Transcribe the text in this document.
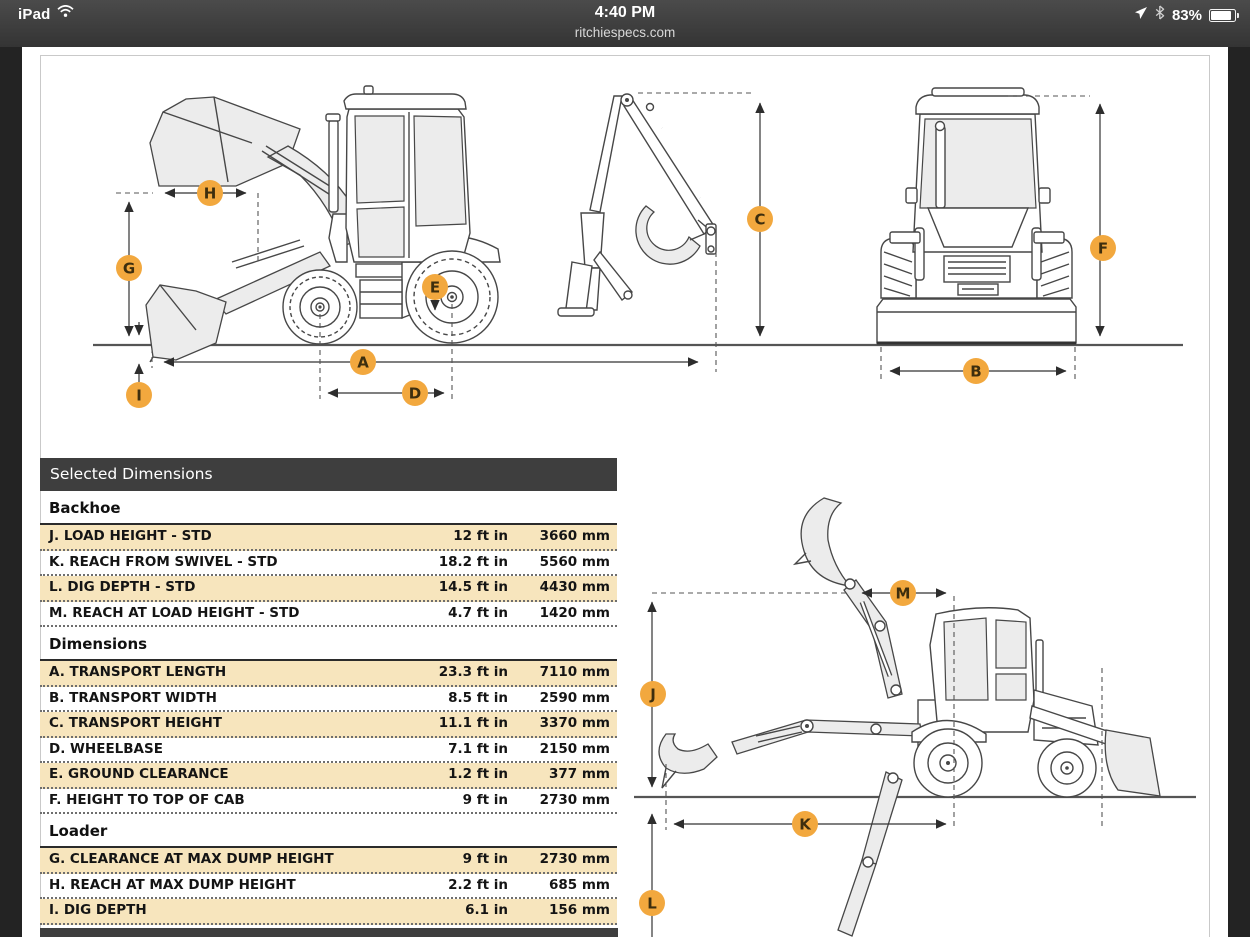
iPad	4:40 PM
ritchiespecs.com
83%
H
G
I
A
D
E
C
B
F
M
J
K
L
Selected Dimensions
Backhoe
J. LOAD HEIGHT - STD	12 ft in	3660 mm
K. REACH FROM SWIVEL - STD	18.2 ft in	5560 mm
L. DIG DEPTH - STD	14.5 ft in	4430 mm
M. REACH AT LOAD HEIGHT - STD	4.7 ft in	1420 mm
Dimensions
A. TRANSPORT LENGTH	23.3 ft in	7110 mm
B. TRANSPORT WIDTH	8.5 ft in	2590 mm
C. TRANSPORT HEIGHT	11.1 ft in	3370 mm
D. WHEELBASE	7.1 ft in	2150 mm
E. GROUND CLEARANCE	1.2 ft in	377 mm
F. HEIGHT TO TOP OF CAB	9 ft in	2730 mm
Loader
G. CLEARANCE AT MAX DUMP HEIGHT	9 ft in	2730 mm
H. REACH AT MAX DUMP HEIGHT	2.2 ft in	685 mm
I. DIG DEPTH	6.1 in	156 mm
